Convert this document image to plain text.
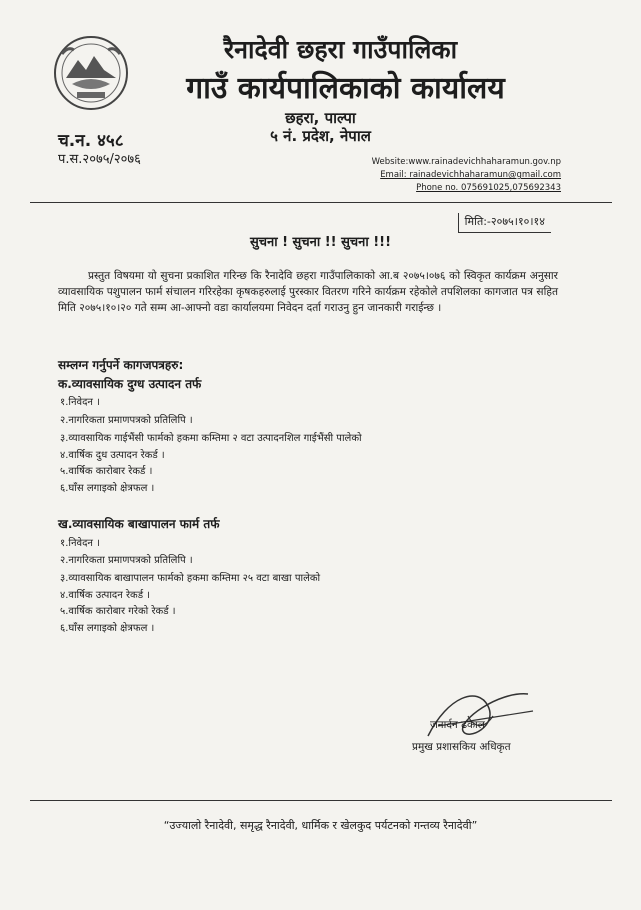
रैनादेवी छहरा गाउँपालिका
गाउँ कार्यपालिकाको कार्यालय
छहरा, पाल्पा
५ नं. प्रदेश, नेपाल
च.न. ४५८
प.स.२०७५/२०७६	Website:www.rainadevichhaharamun.gov.np
Email: rainadevichhaharamun@gmail.com
Phone no. 075691025,075692343
मिति:-२०७५।१०।१४
सुचना ! सुचना !! सुचना !!!
प्रस्तुत विषयमा यो सुचना प्रकाशित गरिन्छ कि रैनादेवि छहरा गाउँपालिकाको आ.ब २०७५।०७६ को स्विकृत कार्यक्रम अनुसार व्यावसायिक पशुपालन फार्म संचालन गरिरहेका कृषकहरुलाई पुरस्कार वितरण गरिने कार्यक्रम रहेकोले तपशिलका कागजात पत्र सहित मिति २०७५।१०।२० गते सम्म आ-आफ्नो वडा कार्यालयमा निवेदन दर्ता गराउनु हुन जानकारी गराईन्छ ।
सम्लग्न गर्नुपर्ने कागजपत्रहरु:
क.व्यावसायिक दुग्ध उत्पादन तर्फ
१.निवेदन ।
२.नागरिकता प्रमाणपत्रको प्रतिलिपि ।
३.व्यावसायिक गाईभैंसी फार्मको हकमा कम्तिमा २ वटा उत्पादनशिल गाईभैंसी पालेको
४.वार्षिक दुध उत्पादन रेकर्ड ।
५.वार्षिक कारोबार रेकर्ड ।
६.घाँस लगाइको क्षेत्रफल ।
ख.व्यावसायिक बाखापालन फार्म तर्फ
१.निवेदन ।
२.नागरिकता प्रमाणपत्रको प्रतिलिपि ।
३.व्यावसायिक बाखापालन फार्मको हकमा कम्तिमा २५ वटा बाखा पालेको
४.वार्षिक उत्पादन रेकर्ड ।
५.वार्षिक कारोबार गरेको रेकर्ड ।
६.घाँस लगाइको क्षेत्रफल ।
जनार्दन ढकाल
प्रमुख प्रशासकिय अधिकृत
“उज्यालो रैनादेवी, समृद्ध रैनादेवी, धार्मिक र खेलकुद पर्यटनको गन्तव्य रैनादेवी”
